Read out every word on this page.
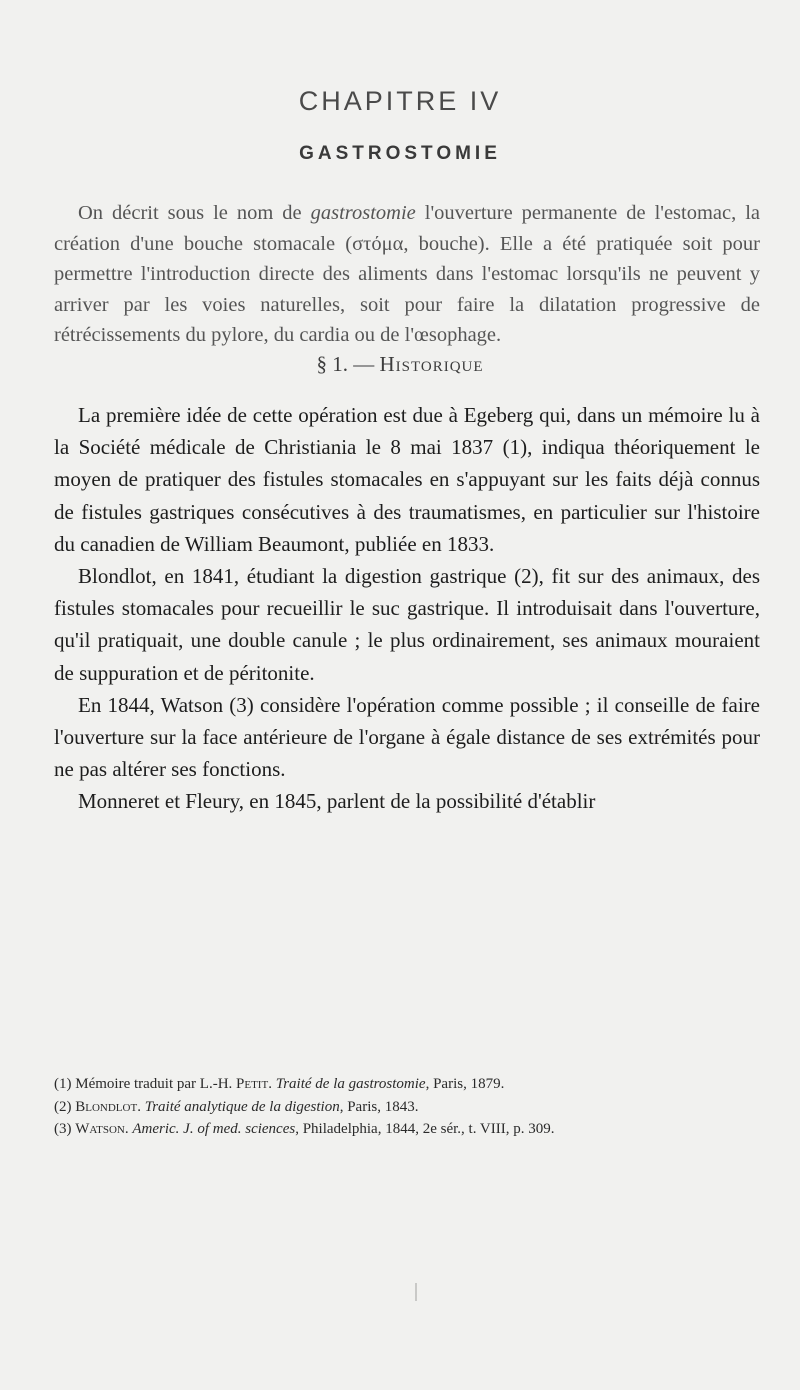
CHAPITRE IV
GASTROSTOMIE

On décrit sous le nom de gastrostomie l'ouverture permanente de l'estomac, la création d'une bouche stomacale (στόμα, bouche). Elle a été pratiquée soit pour permettre l'introduction directe des aliments dans l'estomac lorsqu'ils ne peuvent y arriver par les voies naturelles, soit pour faire la dilatation progressive de rétrécissements du pylore, du cardia ou de l'œsophage.

§ 1. — Historique

La première idée de cette opération est due à Egeberg qui, dans un mémoire lu à la Société médicale de Christiania le 8 mai 1837 (1), indiqua théoriquement le moyen de pratiquer des fistules stomacales en s'appuyant sur les faits déjà connus de fistules gastriques consécutives à des traumatismes, en particulier sur l'histoire du canadien de William Beaumont, publiée en 1833.

Blondlot, en 1841, étudiant la digestion gastrique (2), fit sur des animaux, des fistules stomacales pour recueillir le suc gastrique. Il introduisait dans l'ouverture, qu'il pratiquait, une double canule ; le plus ordinairement, ses animaux mouraient de suppuration et de péritonite.

En 1844, Watson (3) considère l'opération comme possible ; il conseille de faire l'ouverture sur la face antérieure de l'organe à égale distance de ses extrémités pour ne pas altérer ses fonctions.

Monneret et Fleury, en 1845, parlent de la possibilité d'établir

(1) Mémoire traduit par L.-H. Petit. Traité de la gastrostomie, Paris, 1879.
(2) Blondlot. Traité analytique de la digestion, Paris, 1843.
(3) Watson. Americ. J. of med. sciences, Philadelphia, 1844, 2e sér., t. VIII, p. 309.
